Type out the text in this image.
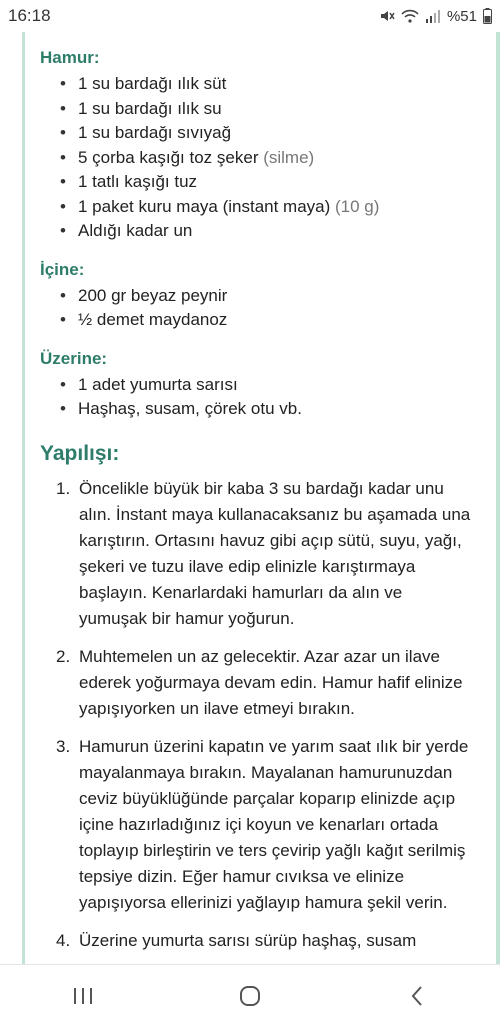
16:18	%51
Hamur:
• 1 su bardağı ılık süt
• 1 su bardağı ılık su
• 1 su bardağı sıvıyağ
• 5 çorba kaşığı toz şeker (silme)
• 1 tatlı kaşığı tuz
• 1 paket kuru maya (instant maya) (10 g)
• Aldığı kadar un
İçine:
• 200 gr beyaz peynir
• ½ demet maydanoz
Üzerine:
• 1 adet yumurta sarısı
• Haşhaş, susam, çörek otu vb.
Yapılışı:
1. Öncelikle büyük bir kaba 3 su bardağı kadar unu alın. İnstant maya kullanacaksanız bu aşamada una karıştırın. Ortasını havuz gibi açıp sütü, suyu, yağı, şekeri ve tuzu ilave edip elinizle karıştırmaya başlayın. Kenarlardaki hamurları da alın ve yumuşak bir hamur yoğurun.
2. Muhtemelen un az gelecektir. Azar azar un ilave ederek yoğurmaya devam edin. Hamur hafif elinize yapışıyorken un ilave etmeyi bırakın.
3. Hamurun üzerini kapatın ve yarım saat ılık bir yerde mayalanmaya bırakın. Mayalanan hamurunuzdan ceviz büyüklüğünde parçalar koparıp elinizde açıp içine hazırladığınız içi koyun ve kenarları ortada toplayıp birleştirin ve ters çevirip yağlı kağıt serilmiş tepsiye dizin. Eğer hamur cıvıksa ve elinize yapışıyorsa ellerinizi yağlayıp hamura şekil verin.
4. Üzerine yumurta sarısı sürüp haşhaş, susam
